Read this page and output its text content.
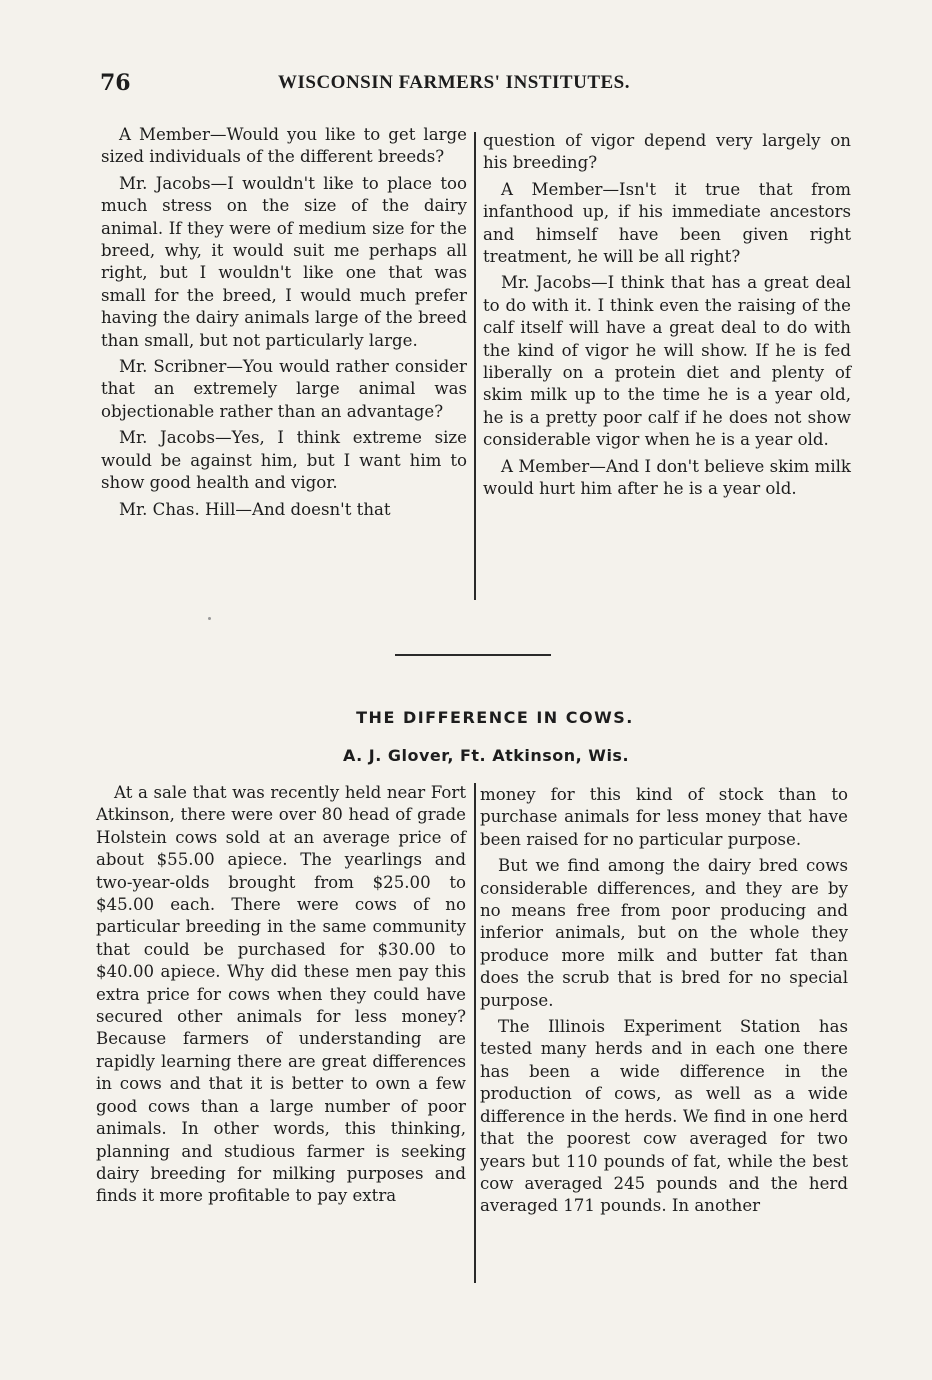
76	WISCONSIN FARMERS' INSTITUTES.

A Member—Would you like to get large sized individuals of the different breeds?

Mr. Jacobs—I wouldn't like to place too much stress on the size of the dairy animal. If they were of medium size for the breed, why, it would suit me perhaps all right, but I wouldn't like one that was small for the breed, I would much prefer having the dairy animals large of the breed than small, but not particularly large.

Mr. Scribner—You would rather consider that an extremely large animal was objectionable rather than an advantage?

Mr. Jacobs—Yes, I think extreme size would be against him, but I want him to show good health and vigor.

Mr. Chas. Hill—And doesn't that

question of vigor depend very largely on his breeding?

A Member—Isn't it true that from infanthood up, if his immediate ancestors and himself have been given right treatment, he will be all right?

Mr. Jacobs—I think that has a great deal to do with it. I think even the raising of the calf itself will have a great deal to do with the kind of vigor he will show. If he is fed liberally on a protein diet and plenty of skim milk up to the time he is a year old, he is a pretty poor calf if he does not show considerable vigor when he is a year old.

A Member—And I don't believe skim milk would hurt him after he is a year old.

THE DIFFERENCE IN COWS.
A. J. Glover, Ft. Atkinson, Wis.

At a sale that was recently held near Fort Atkinson, there were over 80 head of grade Holstein cows sold at an average price of about $55.00 apiece. The yearlings and two-year-olds brought from $25.00 to $45.00 each. There were cows of no particular breeding in the same community that could be purchased for $30.00 to $40.00 apiece. Why did these men pay this extra price for cows when they could have secured other animals for less money? Because farmers of understanding are rapidly learning there are great differences in cows and that it is better to own a few good cows than a large number of poor animals. In other words, this thinking, planning and studious farmer is seeking dairy breeding for milking purposes and finds it more profitable to pay extra

money for this kind of stock than to purchase animals for less money that have been raised for no particular purpose.

But we find among the dairy bred cows considerable differences, and they are by no means free from poor producing and inferior animals, but on the whole they produce more milk and butter fat than does the scrub that is bred for no special purpose.

The Illinois Experiment Station has tested many herds and in each one there has been a wide difference in the production of cows, as well as a wide difference in the herds. We find in one herd that the poorest cow averaged for two years but 110 pounds of fat, while the best cow averaged 245 pounds and the herd averaged 171 pounds. In another
